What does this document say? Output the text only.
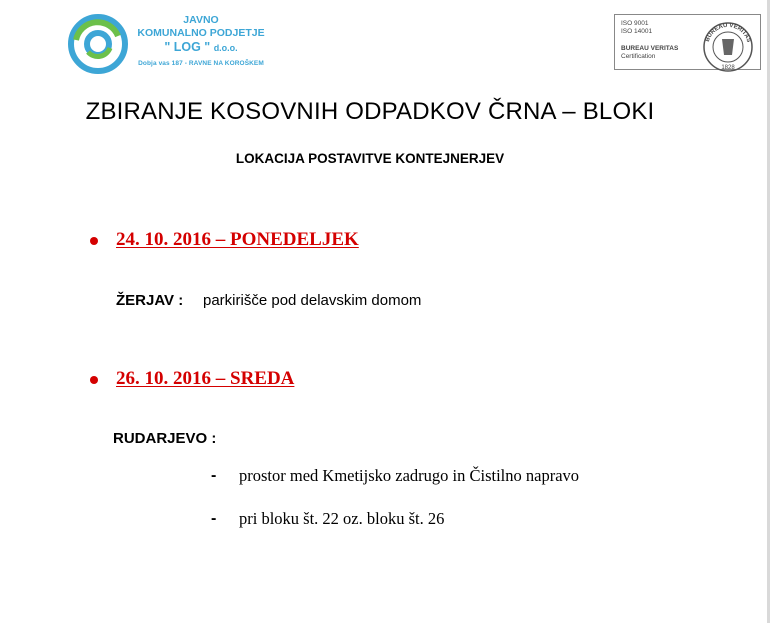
JAVNO
KOMUNALNO PODJETJE
" LOG " d.o.o.
Dobja vas 187 - RAVNE NA KOROŠKEM
ISO 9001
ISO 14001
BUREAU VERITAS
Certification
BUREAU VERITAS
1828
ZBIRANJE KOSOVNIH ODPADKOV ČRNA – BLOKI
LOKACIJA POSTAVITVE KONTEJNERJEV
24. 10. 2016 – PONEDELJEK
ŽERJAV : parkirišče pod delavskim domom
26. 10. 2016 – SREDA
RUDARJEVO :
- prostor med Kmetijsko zadrugo in Čistilno napravo
- pri bloku št. 22 oz. bloku št. 26
